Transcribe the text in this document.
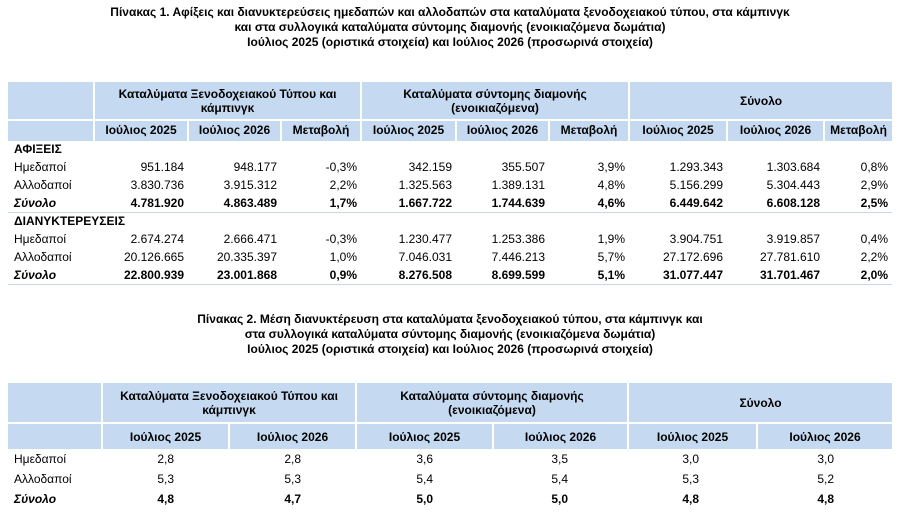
Πίνακας 1. Αφίξεις και διανυκτερεύσεις ημεδαπών και αλλοδαπών στα καταλύματα ξενοδοχειακού τύπου, στα κάμπινγκ
και στα συλλογικά καταλύματα σύντομης διαμονής (ενοικιαζόμενα δωμάτια)
Ιούλιος 2025 (οριστικά στοιχεία) και Ιούλιος 2026 (προσωρινά στοιχεία)
	Καταλύματα Ξενοδοχειακού Τύπου και κάμπινγκ			Καταλύματα σύντομης διαμονής (ενοικιαζόμενα)			Σύνολο		
	Ιούλιος 2025	Ιούλιος 2026	Μεταβολή	Ιούλιος 2025	Ιούλιος 2026	Μεταβολή	Ιούλιος 2025	Ιούλιος 2026	Μεταβολή
ΑΦΙΞΕΙΣ									
Ημεδαποί	951.184	948.177	-0,3%	342.159	355.507	3,9%	1.293.343	1.303.684	0,8%
Αλλοδαποί	3.830.736	3.915.312	2,2%	1.325.563	1.389.131	4,8%	5.156.299	5.304.443	2,9%
Σύνολο	4.781.920	4.863.489	1,7%	1.667.722	1.744.639	4,6%	6.449.642	6.608.128	2,5%
ΔΙΑΝΥΚΤΕΡΕΥΣΕΙΣ									
Ημεδαποί	2.674.274	2.666.471	-0,3%	1.230.477	1.253.386	1,9%	3.904.751	3.919.857	0,4%
Αλλοδαποί	20.126.665	20.335.397	1,0%	7.046.031	7.446.213	5,7%	27.172.696	27.781.610	2,2%
Σύνολο	22.800.939	23.001.868	0,9%	8.276.508	8.699.599	5,1%	31.077.447	31.701.467	2,0%
Πίνακας 2. Μέση διανυκτέρευση στα καταλύματα ξενοδοχειακού τύπου, στα κάμπινγκ και
στα συλλογικά καταλύματα σύντομης διαμονής (ενοικιαζόμενα δωμάτια)
Ιούλιος 2025 (οριστικά στοιχεία) και Ιούλιος 2026 (προσωρινά στοιχεία)
	Καταλύματα Ξενοδοχειακού Τύπου και κάμπινγκ		Καταλύματα σύντομης διαμονής (ενοικιαζόμενα)		Σύνολο	
	Ιούλιος 2025	Ιούλιος 2026	Ιούλιος 2025	Ιούλιος 2026	Ιούλιος 2025	Ιούλιος 2026
Ημεδαποί	2,8	2,8	3,6	3,5	3,0	3,0
Αλλοδαποί	5,3	5,3	5,4	5,4	5,3	5,2
Σύνολο	4,8	4,7	5,0	5,0	4,8	4,8
